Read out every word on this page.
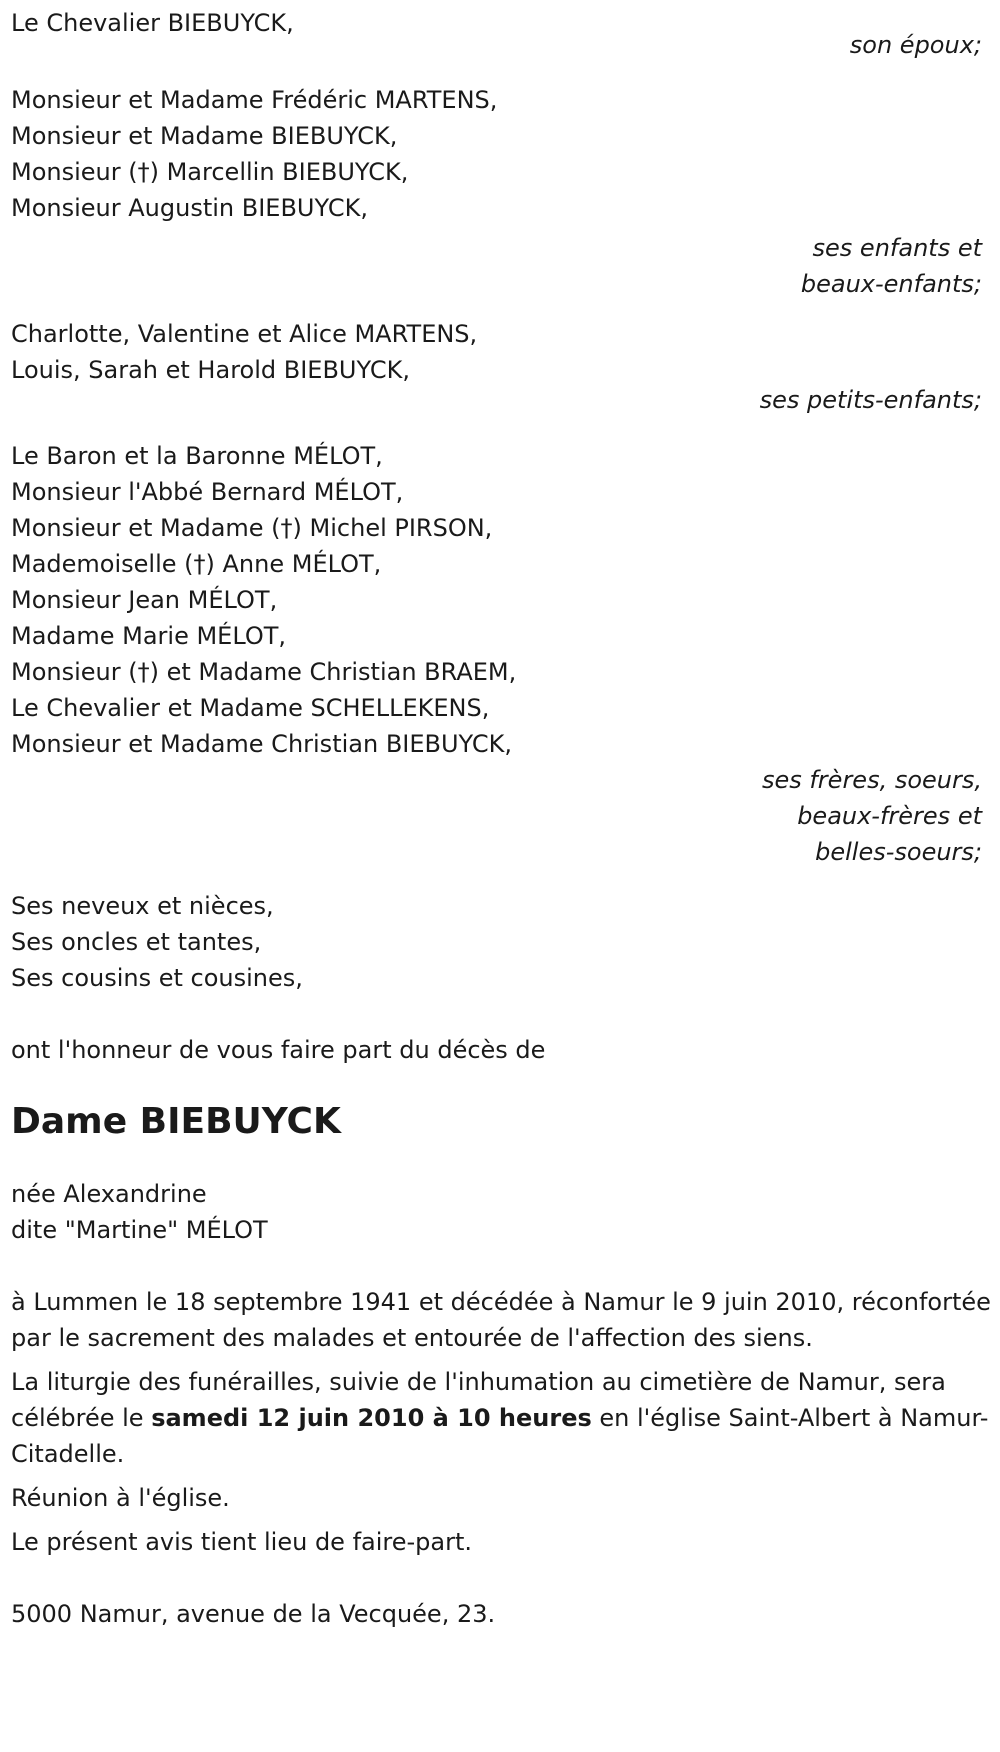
Le Chevalier BIEBUYCK,
son époux;
Monsieur et Madame Frédéric MARTENS,
Monsieur et Madame BIEBUYCK,
Monsieur (†) Marcellin BIEBUYCK,
Monsieur Augustin BIEBUYCK,
ses enfants et
beaux-enfants;
Charlotte, Valentine et Alice MARTENS,
Louis, Sarah et Harold BIEBUYCK,
ses petits-enfants;
Le Baron et la Baronne MÉLOT,
Monsieur l'Abbé Bernard MÉLOT,
Monsieur et Madame (†) Michel PIRSON,
Mademoiselle (†) Anne MÉLOT,
Monsieur Jean MÉLOT,
Madame Marie MÉLOT,
Monsieur (†) et Madame Christian BRAEM,
Le Chevalier et Madame SCHELLEKENS,
Monsieur et Madame Christian BIEBUYCK,
ses frères, soeurs,
beaux-frères et
belles-soeurs;
Ses neveux et nièces,
Ses oncles et tantes,
Ses cousins et cousines,
ont l'honneur de vous faire part du décès de
Dame BIEBUYCK
née Alexandrine
dite "Martine" MÉLOT
à Lummen le 18 septembre 1941 et décédée à Namur le 9 juin 2010, réconfortée par le sacrement des malades et entourée de l'affection des siens.
La liturgie des funérailles, suivie de l'inhumation au cimetière de Namur, sera célébrée le samedi 12 juin 2010 à 10 heures en l'église Saint-Albert à Namur-Citadelle.
Réunion à l'église.
Le présent avis tient lieu de faire-part.
5000 Namur, avenue de la Vecquée, 23.
